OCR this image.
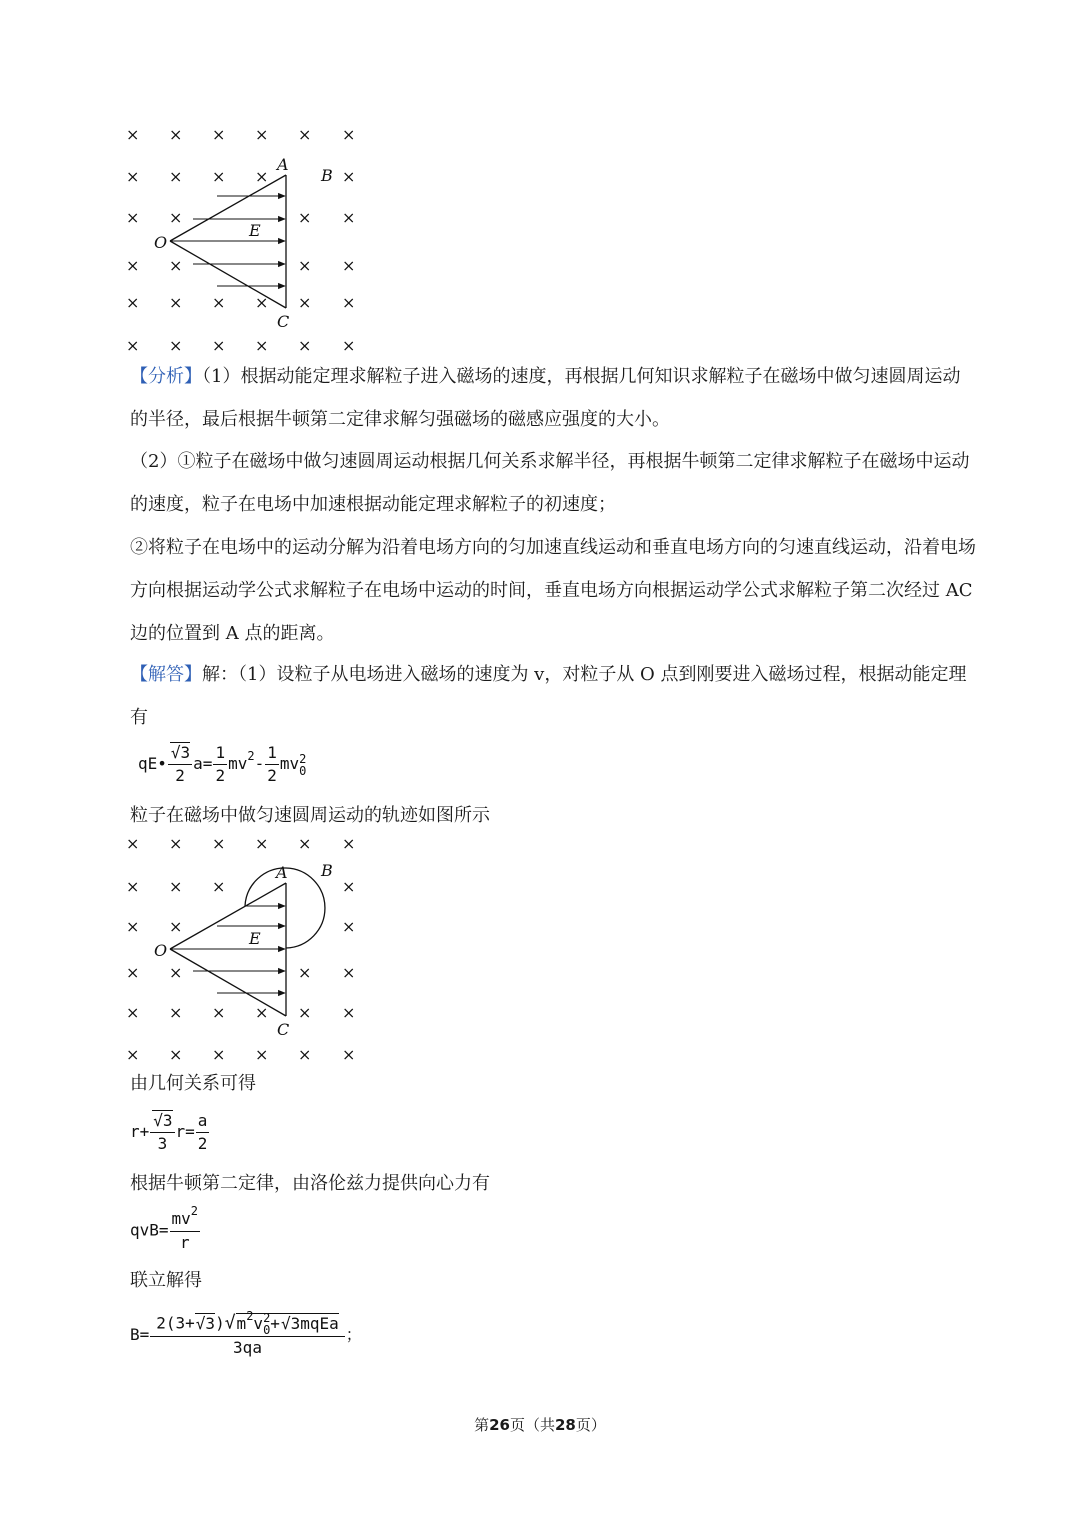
× × × × × ×
× × × ×	×
× ×	× ×
× ×	× ×
× × × × × ×
× × × × × ×
A
B
C
O
E
【分析】（1）根据动能定理求解粒子进入磁场的速度，再根据几何知识求解粒子在磁场中做匀速圆周运动的半径，最后根据牛顿第二定律求解匀强磁场的磁感应强度的大小。
（2）①粒子在磁场中做匀速圆周运动根据几何关系求解半径，再根据牛顿第二定律求解粒子在磁场中运动的速度，粒子在电场中加速根据动能定理求解粒子的初速度；
②将粒子在电场中的运动分解为沿着电场方向的匀加速直线运动和垂直电场方向的匀速直线运动，沿着电场方向根据运动学公式求解粒子在电场中运动的时间，垂直电场方向根据运动学公式求解粒子第二次经过 AC 边的位置到 A 点的距离。
【解答】解：（1）设粒子从电场进入磁场的速度为 v，对粒子从 O 点到刚要进入磁场过程，根据动能定理有
qE• $\frac{√3}{2} a= \frac{1}{2} mv^2- \frac{1}{2}$ mv 2
0
粒子在磁场中做匀速圆周运动的轨迹如图所示
× × × × × ×
× × ×	×
× ×	×
× ×	× ×
× × × × × ×
× × × × × ×
A B
C
O
E
由几何关系可得
$r+ \frac{√3}{3} r= \frac{a}{2}$
根据牛顿第二定律，由洛伦兹力提供向心力有
$qvB= \frac{mv^2}{r}$
联立解得
$B= 2(3+√3)√m^2v$ 2
0 +√3mqEa
3qa ；
第26页（共28页）
